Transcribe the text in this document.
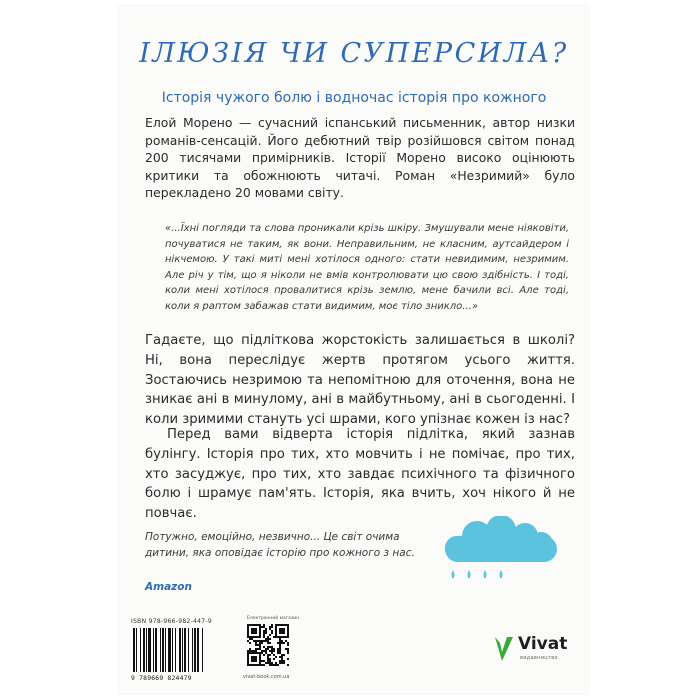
ІЛЮЗІЯ ЧИ СУПЕРСИЛА?

Історія чужого болю і водночас історія про кожного

Елой Морено — сучасний іспанський письменник, автор низки романів-сенсацій. Його дебютний твір розійшовся світом понад 200 тисячами примірників. Історії Морено високо оцінюють критики та обожнюють читачі. Роман «Незримий» було перекладено 20 мовами світу.

«...Їхні погляди та слова проникали крізь шкіру. Змушували мене ніяковіти, почуватися не таким, як вони. Неправильним, не класним, аутсайдером і нікчемою. У такі миті мені хотілося одного: стати невидимим, незримим. Але річ у тім, що я ніколи не вмів контролювати цю свою здібність. І тоді, коли мені хотілося провалитися крізь землю, мене бачили всі. Але тоді, коли я раптом забажав стати видимим, моє тіло зникло...»

Гадаєте, що підліткова жорстокість залишається в школі? Ні, вона переслідує жертв протягом усього життя. Зостаючись незримою та непомітною для оточення, вона не зникає ані в минулому, ані в майбутньому, ані в сьогоденні. І коли зримими стануть усі шрами, кого упізнає кожен із нас?

Перед вами відверта історія підлітка, який зазнав булінгу. Історія про тих, хто мовчить і не помічає, про тих, хто засуджує, про тих, хто завдає психічного та фізичного болю і шрамує пам'ять. Історія, яка вчить, хоч нікого й не повчає.

Потужно, емоційно, незвично... Це світ очима дитини, яка оповідає історію про кожного з нас.

Amazon

ISBN 978-966-982-447-9

9 789669 824479

Електронний магазин

vivat-book.com.ua

Vivat

видавництво
